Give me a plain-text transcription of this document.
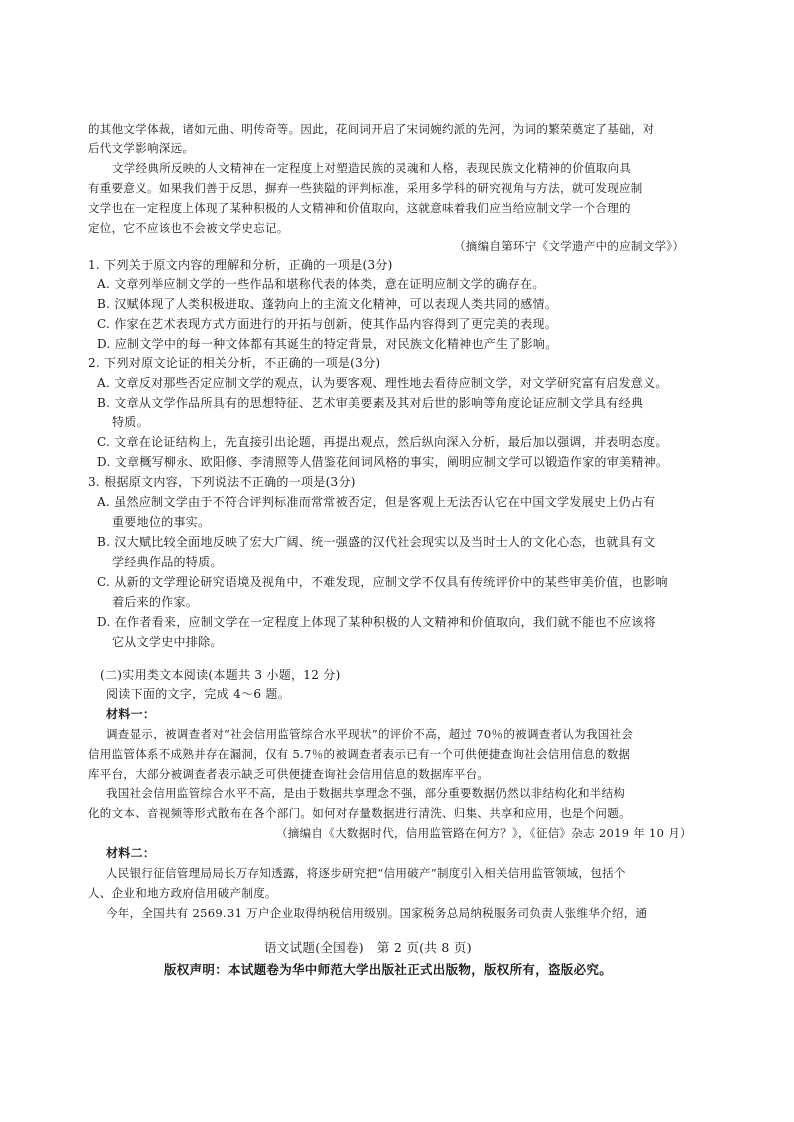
的其他文学体裁，诸如元曲、明传奇等。因此，花间词开启了宋词婉约派的先河，为词的繁荣奠定了基础，对
后代文学影响深远。
文学经典所反映的人文精神在一定程度上对塑造民族的灵魂和人格，表现民族文化精神的价值取向具
有重要意义。如果我们善于反思，摒弃一些狭隘的评判标准，采用多学科的研究视角与方法，就可发现应制
文学也在一定程度上体现了某种积极的人文精神和价值取向，这就意味着我们应当给应制文学一个合理的
定位，它不应该也不会被文学史忘记。
（摘编自第环宁《文学遗产中的应制文学》）
1. 下列关于原文内容的理解和分析，正确的一项是(3分)
A. 文章列举应制文学的一些作品和堪称代表的体类，意在证明应制文学的确存在。
B. 汉赋体现了人类积极进取、蓬勃向上的主流文化精神，可以表现人类共同的感情。
C. 作家在艺术表现方式方面进行的开拓与创新，使其作品内容得到了更完美的表现。
D. 应制文学中的每一种文体都有其诞生的特定背景，对民族文化精神也产生了影响。
2. 下列对原文论证的相关分析，不正确的一项是(3分)
A. 文章反对那些否定应制文学的观点，认为要客观、理性地去看待应制文学，对文学研究富有启发意义。
B. 文章从文学作品所具有的思想特征、艺术审美要素及其对后世的影响等角度论证应制文学具有经典
特质。
C. 文章在论证结构上，先直接引出论题，再提出观点，然后纵向深入分析，最后加以强调，并表明态度。
D. 文章概写柳永、欧阳修、李清照等人借鉴花间词风格的事实，阐明应制文学可以锻造作家的审美精神。
3. 根据原文内容，下列说法不正确的一项是(3分)
A. 虽然应制文学由于不符合评判标准而常常被否定，但是客观上无法否认它在中国文学发展史上仍占有
重要地位的事实。
B. 汉大赋比较全面地反映了宏大广阔、统一强盛的汉代社会现实以及当时士人的文化心态，也就具有文
学经典作品的特质。
C. 从新的文学理论研究语境及视角中，不难发现，应制文学不仅具有传统评价中的某些审美价值，也影响
着后来的作家。
D. 在作者看来，应制文学在一定程度上体现了某种积极的人文精神和价值取向，我们就不能也不应该将
它从文学史中排除。
(二)实用类文本阅读(本题共 3 小题，12 分)
阅读下面的文字，完成 4～6 题。
材料一：
调查显示，被调查者对“社会信用监管综合水平现状”的评价不高，超过 70％的被调查者认为我国社会
信用监管体系不成熟并存在漏洞，仅有 5.7％的被调查者表示已有一个可供便捷查询社会信用信息的数据
库平台，大部分被调查者表示缺乏可供便捷查询社会信用信息的数据库平台。
我国社会信用监管综合水平不高，是由于数据共享理念不强，部分重要数据仍然以非结构化和半结构
化的文本、音视频等形式散布在各个部门。如何对存量数据进行清洗、归集、共享和应用，也是个问题。
（摘编自《大数据时代，信用监管路在何方？》，《征信》杂志 2019 年 10 月）
材料二：
人民银行征信管理局局长万存知透露，将逐步研究把“信用破产”制度引入相关信用监管领域，包括个
人、企业和地方政府信用破产制度。
今年，全国共有 2569.31 万户企业取得纳税信用级别。国家税务总局纳税服务司负责人张维华介绍，通
语文试题(全国卷)　第 2 页(共 8 页)
版权声明：本试题卷为华中师范大学出版社正式出版物，版权所有，盗版必究。
